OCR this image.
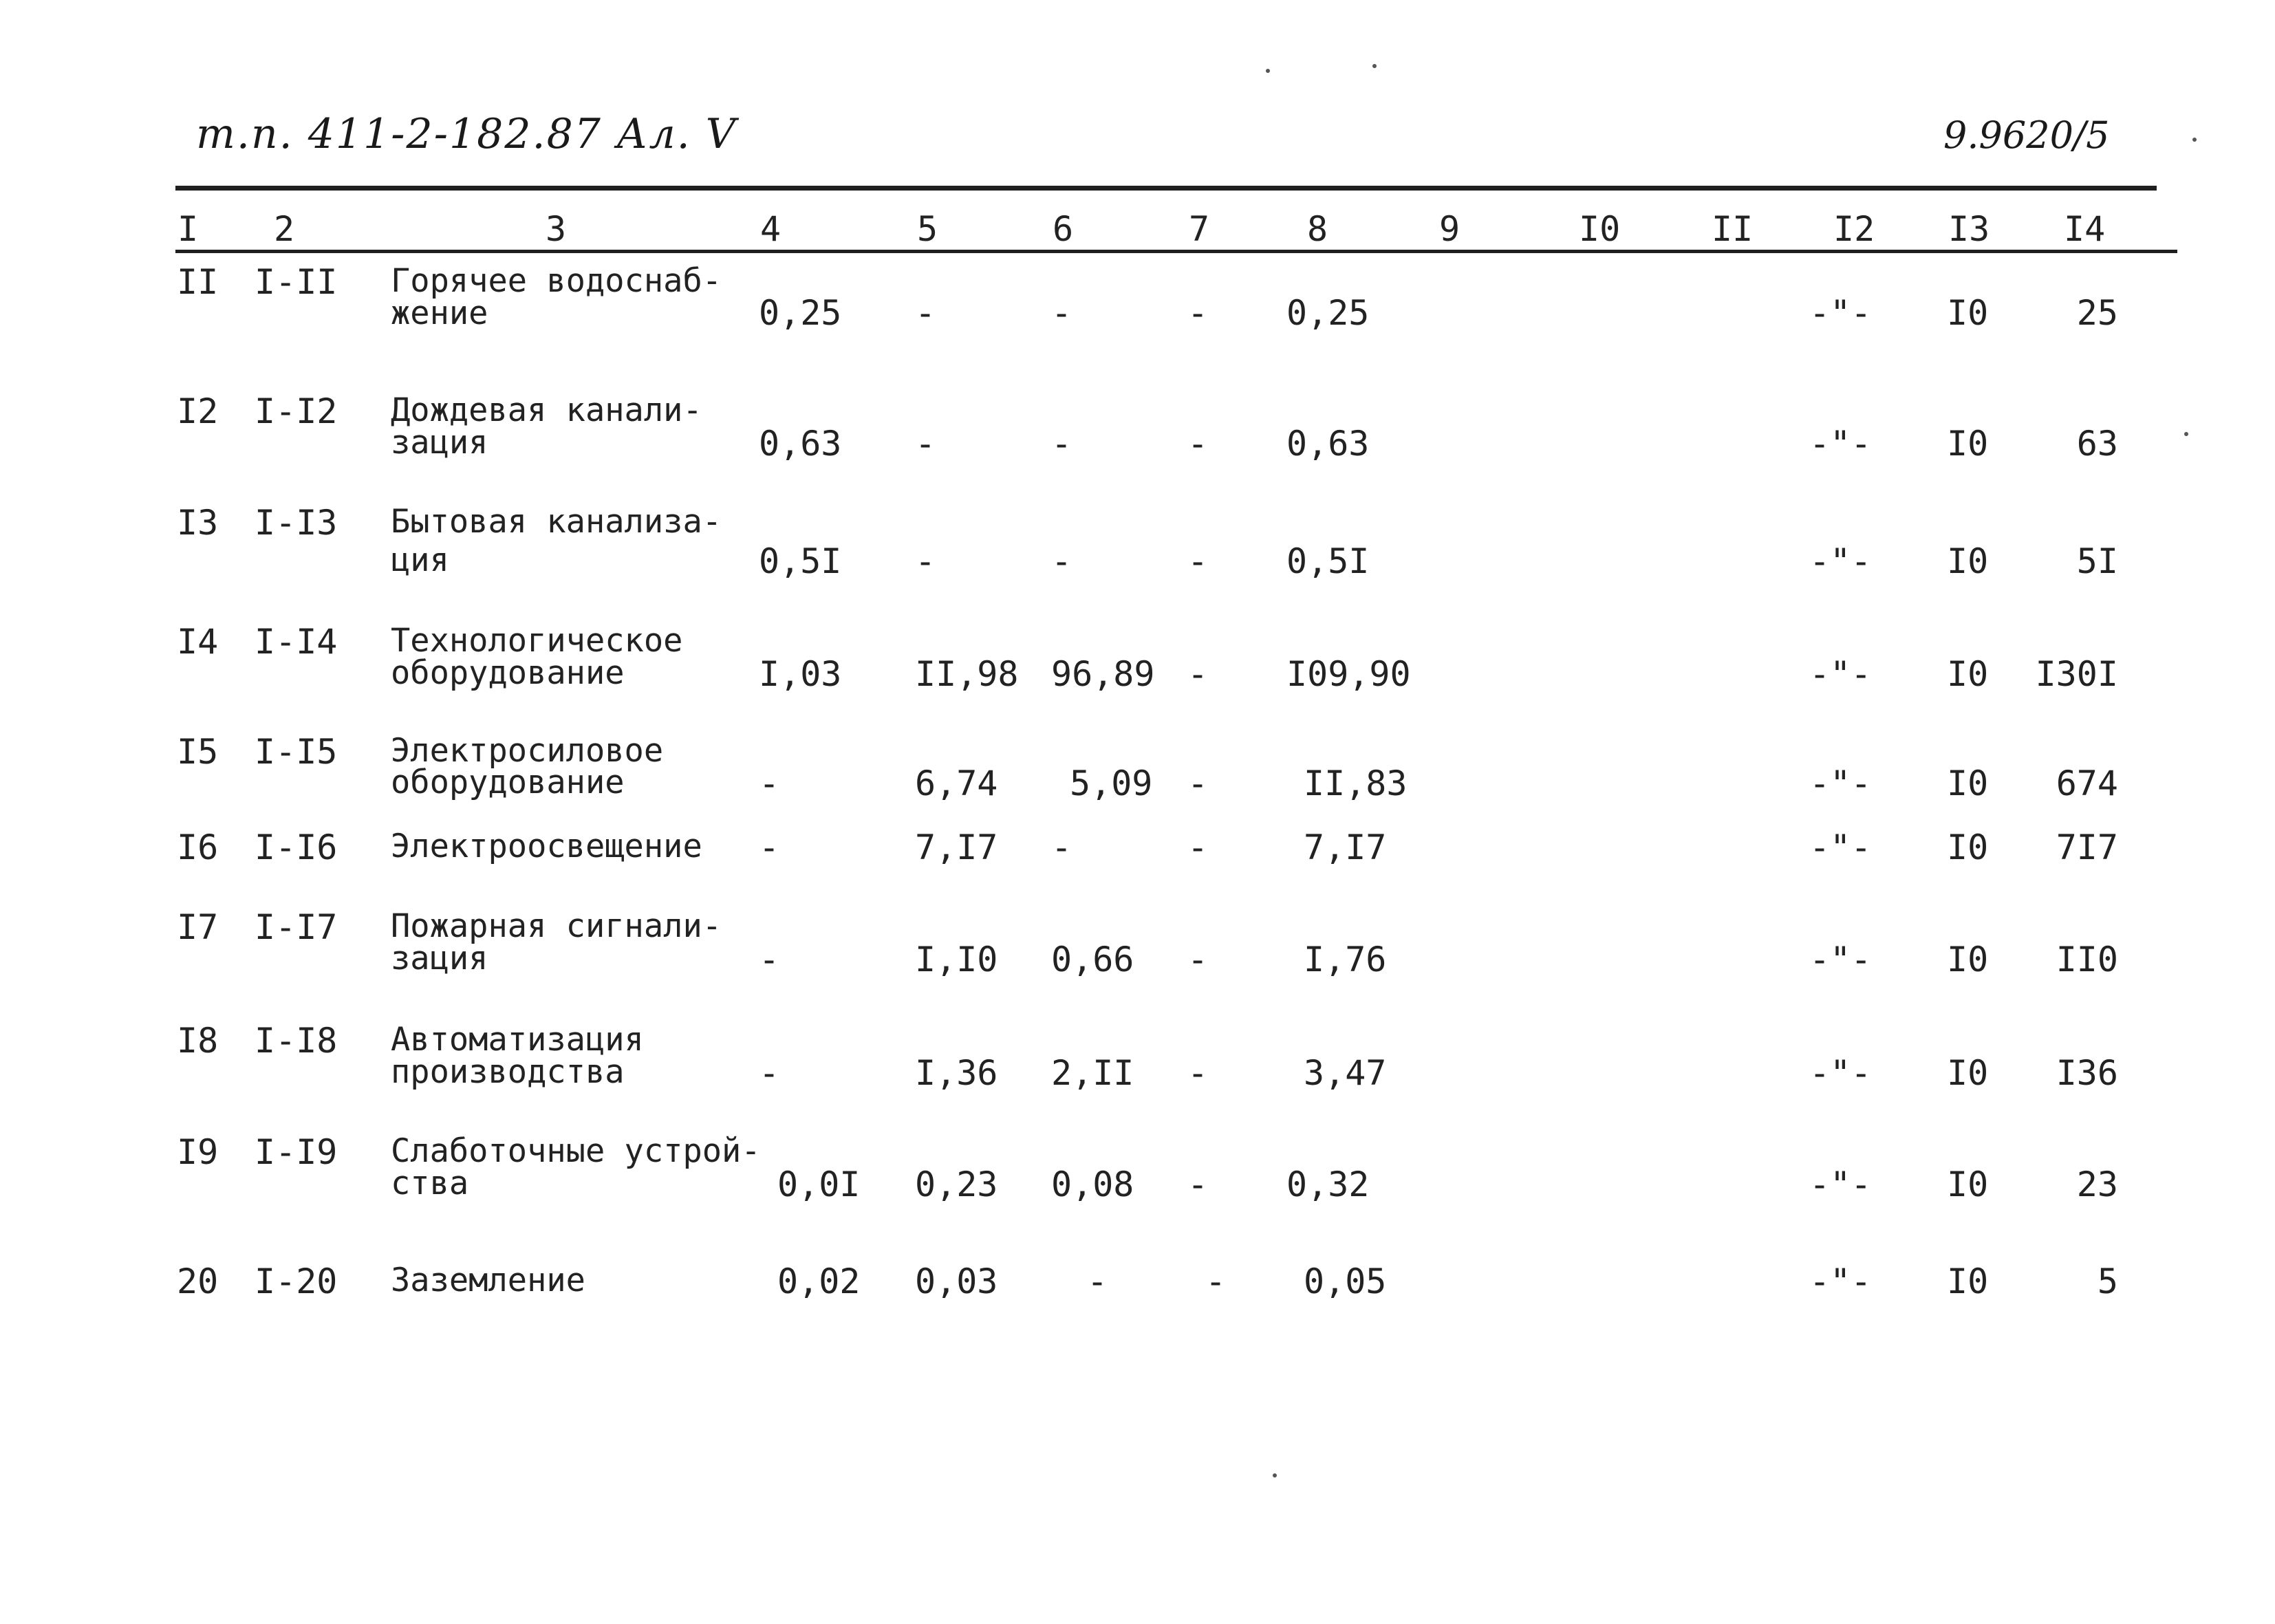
т.п. 411-2-182.87 Ал. V	9.9620/5
I 2	3	4	5	6	7	8	9	I0	II I2 I3 I4
II I-II Горячее водоснаб-
жение	0,25 -	-	- 0,25	-"- I0	25
I2 I-I2 Дождевая канали-
зация	0,63 -	-	- 0,63	-"- I0	63
I3 I-I3 Бытовая канализа-
ция	0,5I -	-	- 0,5I	-"- I0	5I
I4 I-I4 Технологическое
оборудование	I,03 II,98 96,89 - I09,90	-"- I0 I30I
I5 I-I5 Электросиловое
оборудование	-	6,74 5,09 -	II,83	-"- I0 674
I6 I-I6 Электроосвещение -	7,I7 -	-	7,I7	-"- I0 7I7
I7 I-I7 Пожарная сигнали-
зация	-	I,I0 0,66 -	I,76	-"- I0 II0
I8 I-I8 Автоматизация
производства	-	I,36 2,II -	3,47	-"- I0 I36
I9 I-I9 Слаботочные устрой-
ства	0,0I 0,23 0,08 - 0,32	-"- I0	23
20 I-20 Заземление	0,02 0,03	-	- 0,05	-"- I0	5
